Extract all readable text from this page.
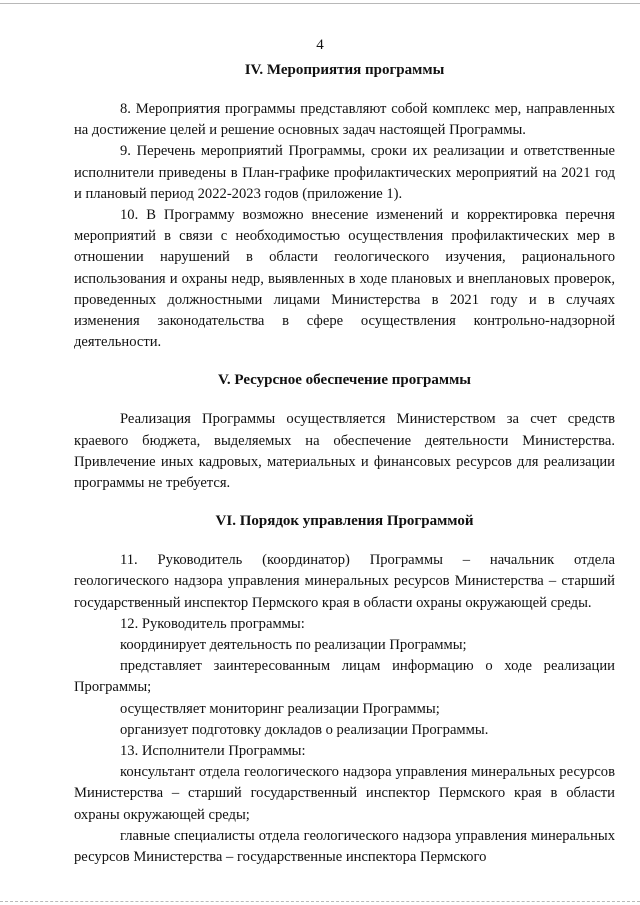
4
IV. Мероприятия программы

8. Мероприятия программы представляют собой комплекс мер, направленных на достижение целей и решение основных задач настоящей Программы.

9. Перечень мероприятий Программы, сроки их реализации и ответственные исполнители приведены в План-графике профилактических мероприятий на 2021 год и плановый период 2022-2023 годов (приложение 1).

10. В Программу возможно внесение изменений и корректировка перечня мероприятий в связи с необходимостью осуществления профилактических мер в отношении нарушений в области геологического изучения, рационального использования и охраны недр, выявленных в ходе плановых и внеплановых проверок, проведенных должностными лицами Министерства в 2021 году и в случаях изменения законодательства в сфере осуществления контрольно-надзорной деятельности.

V. Ресурсное обеспечение программы

Реализация Программы осуществляется Министерством за счет средств краевого бюджета, выделяемых на обеспечение деятельности Министерства. Привлечение иных кадровых, материальных и финансовых ресурсов для реализации программы не требуется.

VI. Порядок управления Программой

11. Руководитель (координатор) Программы – начальник отдела геологического надзора управления минеральных ресурсов Министерства – старший государственный инспектор Пермского края в области охраны окружающей среды.

12. Руководитель программы:

координирует деятельность по реализации Программы;

представляет заинтересованным лицам информацию о ходе реализации Программы;

осуществляет мониторинг реализации Программы;

организует подготовку докладов о реализации Программы.

13. Исполнители Программы:

консультант отдела геологического надзора управления минеральных ресурсов Министерства – старший государственный инспектор Пермского края в области охраны окружающей среды;

главные специалисты отдела геологического надзора управления минеральных ресурсов Министерства – государственные инспектора Пермского
